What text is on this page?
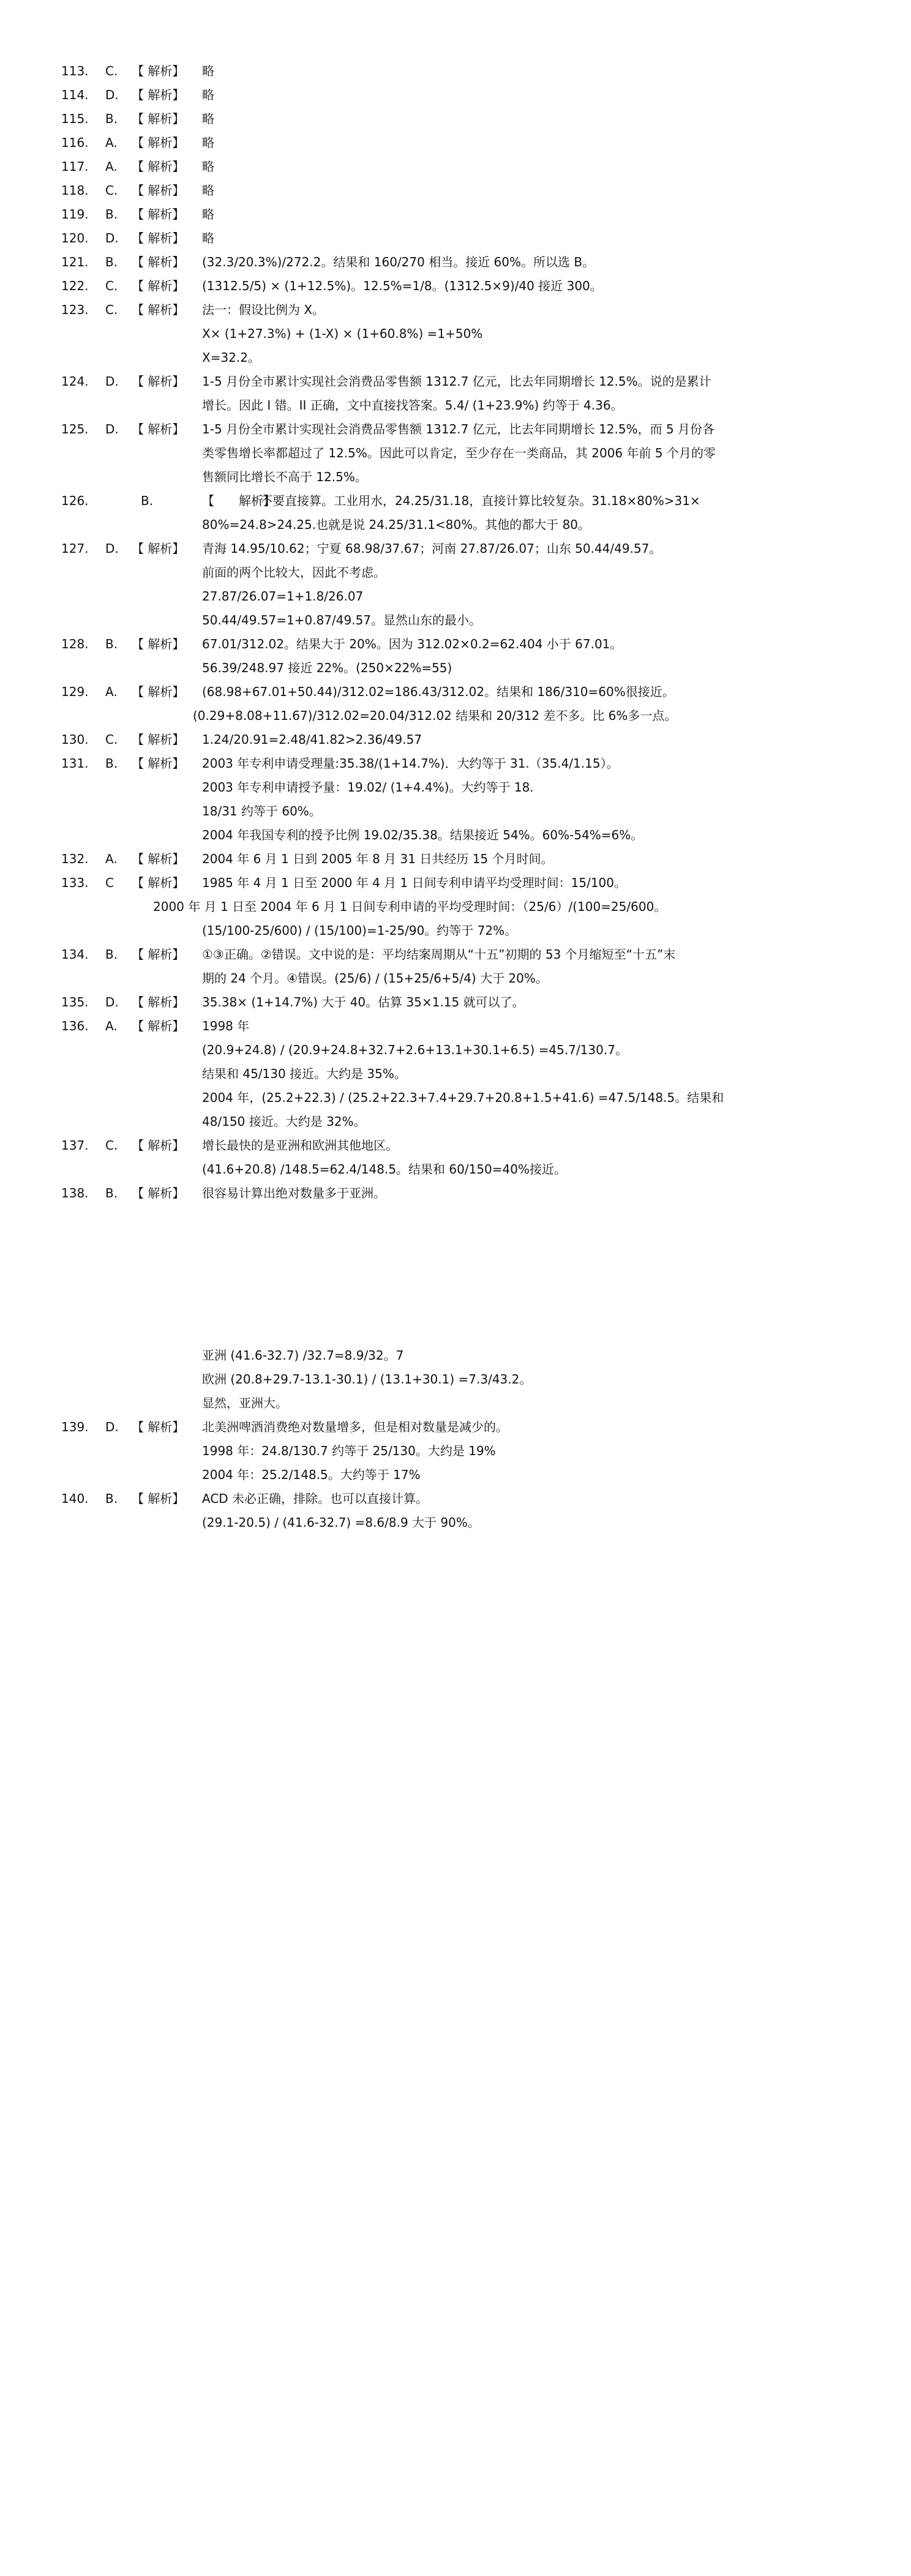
113.	C.	【 解析】 略
114.	D.	【 解析】 略
115.	B.	【 解析】 略
116.	A.	【 解析】 略
117.	A.	【 解析】 略
118.	C.	【 解析】 略
119.	B.	【 解析】 略
120.	D.	【 解析】 略
121.	B.	【 解析】 (32.3/20.3%)/272.2。结果和 160/270 相当。接近 60%。所以选 B。
122.	C.	【 解析】 (1312.5/5) × (1+12.5%)。12.5%=1/8。(1312.5×9)/40 接近 300。
123.	C.	【 解析】 法一：假设比例为 X。
X× (1+27.3%) + (1-X) × (1+60.8%) =1+50%
X=32.2。
124.	D.	【 解析】 1-5 月份全市累计实现社会消费品零售额 1312.7 亿元，比去年同期增长 12.5%。说的是累计
增长。因此 I 错。II 正确，文中直接找答案。5.4/ (1+23.9%) 约等于 4.36。
125.	D.	【 解析】 1-5 月份全市累计实现社会消费品零售额 1312.7 亿元，比去年同期增长 12.5%，而 5 月份各
类零售增长率都超过了 12.5%。因此可以肯定，至少存在一类商品，其 2006 年前 5 个月的零
售额同比增长不高于 12.5%。
126.	B.	【　　解析】
不要直接算。工业用水，24.25/31.18，直接计算比较复杂。31.18×80%>31×
80%=24.8>24.25.也就是说 24.25/31.1<80%。其他的都大于 80。
127.	D.	【 解析】 青海 14.95/10.62；宁夏 68.98/37.67；河南 27.87/26.07；山东 50.44/49.57。
前面的两个比较大，因此不考虑。
27.87/26.07=1+1.8/26.07
50.44/49.57=1+0.87/49.57。显然山东的最小。
128.	B.	【 解析】 67.01/312.02。结果大于 20%。因为 312.02×0.2=62.404 小于 67.01。
56.39/248.97 接近 22%。(250×22%=55)
129.	A.	【 解析】 (68.98+67.01+50.44)/312.02=186.43/312.02。结果和 186/310=60%很接近。
(0.29+8.08+11.67)/312.02=20.04/312.02 结果和 20/312 差不多。比 6%多一点。
130.	C.	【 解析】 1.24/20.91=2.48/41.82>2.36/49.57
131.	B.	【 解析】 2003 年专利申请受理量:35.38/(1+14.7%)．大约等于 31.（35.4/1.15）。
2003 年专利申请授予量：19.02/ (1+4.4%)。大约等于 18.
18/31 约等于 60%。
2004 年我国专利的授予比例 19.02/35.38。结果接近 54%。60%-54%=6%。
132.	A.	【 解析】 2004 年 6 月 1 日到 2005 年 8 月 31 日共经历 15 个月时间。
133.	C	【 解析】 1985 年 4 月 1 日至 2000 年 4 月 1 日间专利申请平均受理时间：15/100。
2000 年 月 1 日至 2004 年 6 月 1 日间专利申请的平均受理时间：（25/6）/(100=25/600。
(15/100-25/600) / (15/100)=1-25/90。约等于 72%。
134.	B.	【 解析】 ①③正确。②错误。文中说的是：平均结案周期从“十五”初期的 53 个月缩短至“十五”末
期的 24 个月。④错误。(25/6) / (15+25/6+5/4) 大于 20%。
135.	D.	【 解析】 35.38× (1+14.7%) 大于 40。估算 35×1.15 就可以了。
136.	A.	【 解析】 1998 年
(20.9+24.8) / (20.9+24.8+32.7+2.6+13.1+30.1+6.5) =45.7/130.7。
结果和 45/130 接近。大约是 35%。
2004 年，(25.2+22.3) / (25.2+22.3+7.4+29.7+20.8+1.5+41.6) =47.5/148.5。结果和
48/150 接近。大约是 32%。
137.	C.	【 解析】 增长最快的是亚洲和欧洲其他地区。
(41.6+20.8) /148.5=62.4/148.5。结果和 60/150=40%接近。
138.	B.	【 解析】 很容易计算出绝对数量多于亚洲。
亚洲 (41.6-32.7) /32.7=8.9/32。7
欧洲 (20.8+29.7-13.1-30.1) / (13.1+30.1) =7.3/43.2。
显然，亚洲大。
139.	D.	【 解析】 北美洲啤酒消费绝对数量增多，但是相对数量是减少的。
1998 年：24.8/130.7 约等于 25/130。大约是 19%
2004 年：25.2/148.5。大约等于 17%
140.	B.	【 解析】 ACD 未必正确，排除。也可以直接计算。
(29.1-20.5) / (41.6-32.7) =8.6/8.9 大于 90%。
